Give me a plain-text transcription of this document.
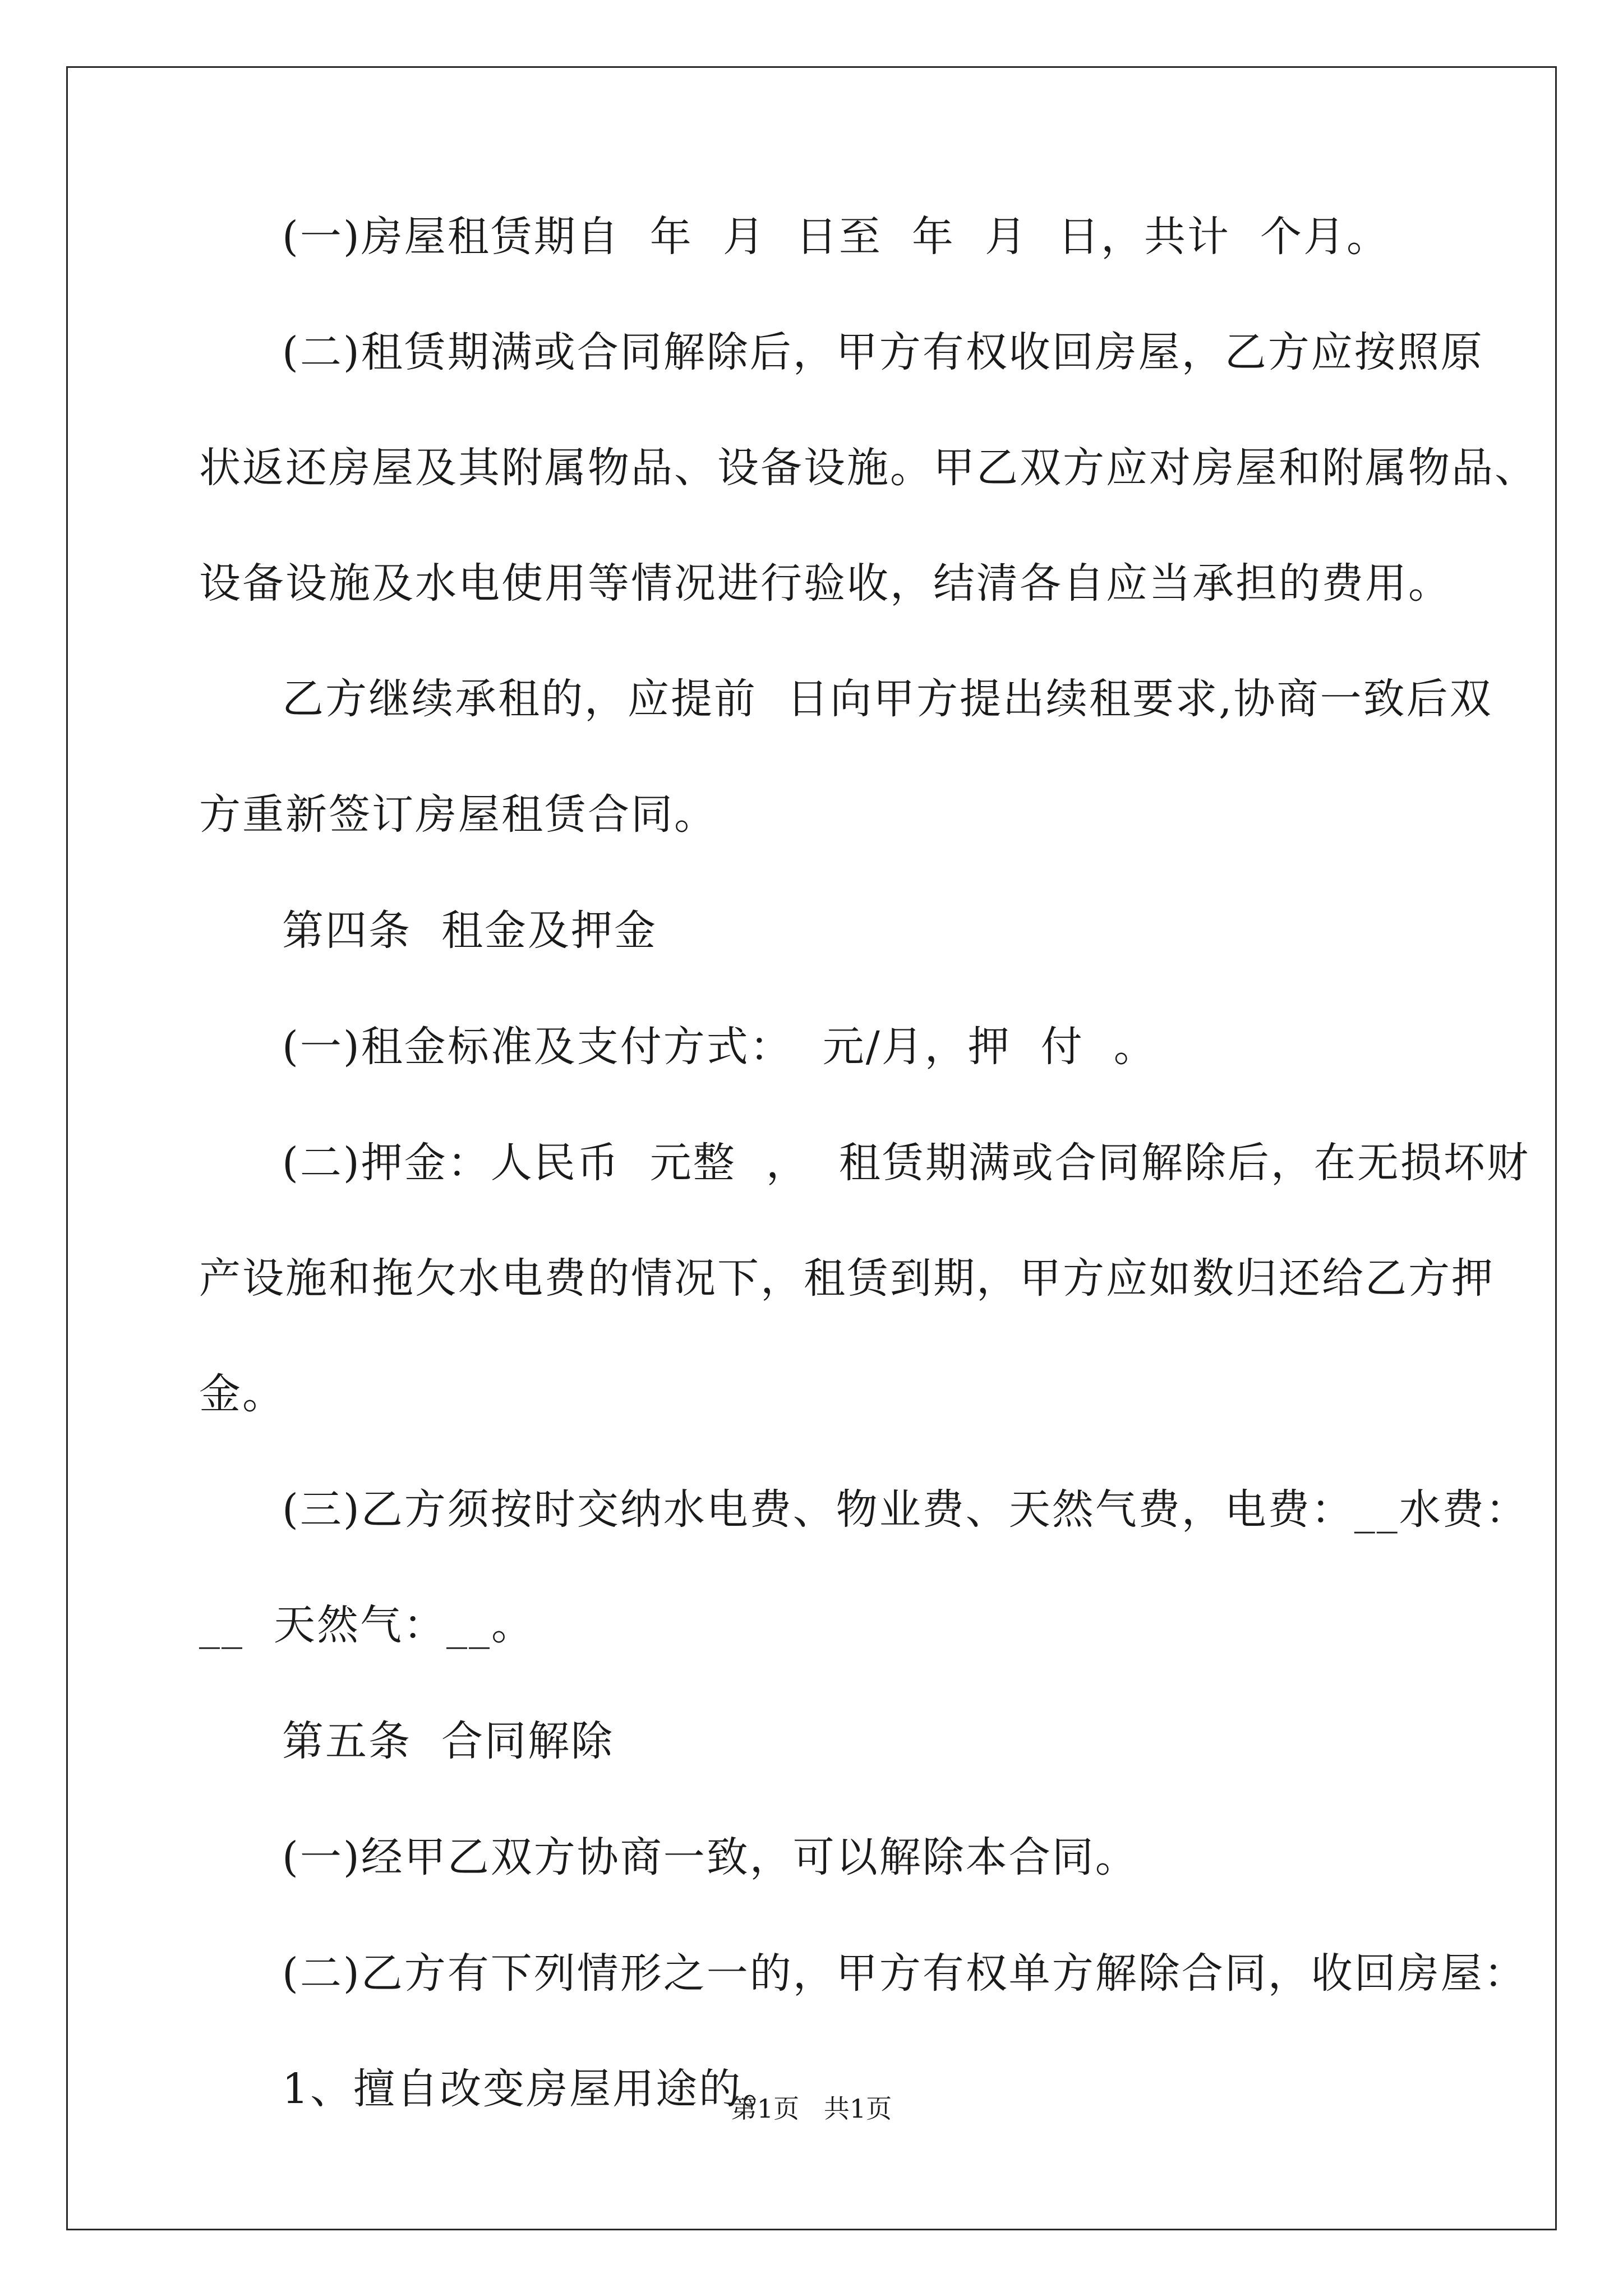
(一)房屋租赁期自  年  月  日至  年  月  日，共计  个月。

(二)租赁期满或合同解除后，甲方有权收回房屋，乙方应按照原

状返还房屋及其附属物品、设备设施。甲乙双方应对房屋和附属物品、

设备设施及水电使用等情况进行验收，结清各自应当承担的费用。

乙方继续承租的，应提前  日向甲方提出续租要求,协商一致后双

方重新签订房屋租赁合同。

第四条  租金及押金

(一)租金标准及支付方式：  元/月，押  付  。

(二)押金：人民币  元整  ，  租赁期满或合同解除后，在无损坏财

产设施和拖欠水电费的情况下，租赁到期，甲方应如数归还给乙方押

金。

(三)乙方须按时交纳水电费、物业费、天然气费，电费：__水费：

__  天然气：__。

第五条  合同解除

(一)经甲乙双方协商一致，可以解除本合同。

(二)乙方有下列情形之一的，甲方有权单方解除合同，收回房屋：

1、擅自改变房屋用途的。

第1页   共1页
